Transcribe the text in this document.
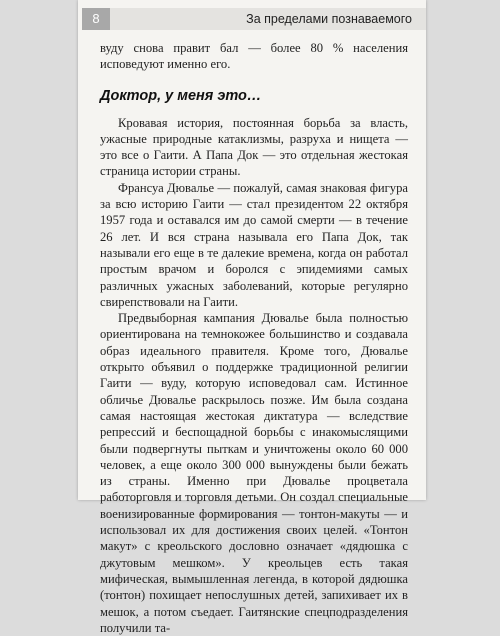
8	За пределами познаваемого

вуду снова правит бал — более 80 % населения исповедуют именно его.

Доктор, у меня это…

Кровавая история, постоянная борьба за власть, ужасные природные катаклизмы, разруха и нищета — это все о Гаити. А Папа Док — это отдельная жестокая страница истории страны.

Франсуа Дювалье — пожалуй, самая знаковая фигура за всю историю Гаити — стал президентом 22 октября 1957 года и оставался им до самой смерти — в течение 26 лет. И вся страна называла его Папа Док, так называли его еще в те далекие времена, когда он работал простым врачом и боролся с эпидемиями самых различных ужасных заболеваний, которые регулярно свирепствовали на Гаити.

Предвыборная кампания Дювалье была полностью ориентирована на темнокожее большинство и создавала образ идеального правителя. Кроме того, Дювалье открыто объявил о поддержке традиционной религии Гаити — вуду, которую исповедовал сам. Истинное обличье Дювалье раскрылось позже. Им была создана самая настоящая жестокая диктатура — вследствие репрессий и беспощадной борьбы с инакомыслящими были подвергнуты пыткам и уничтожены около 60 000 человек, а еще около 300 000 вынуждены были бежать из страны. Именно при Дювалье процветала работорговля и торговля детьми. Он создал специальные военизированные формирования — тонтон-макуты — и использовал их для достижения своих целей. «Тонтон макут» с креольского дословно означает «дядюшка с джутовым мешком». У креольцев есть такая мифическая, вымышленная легенда, в которой дядюшка (тонтон) похищает непослушных детей, запихивает их в мешок, а потом съедает. Гаитянские спецподразделения получили та-
